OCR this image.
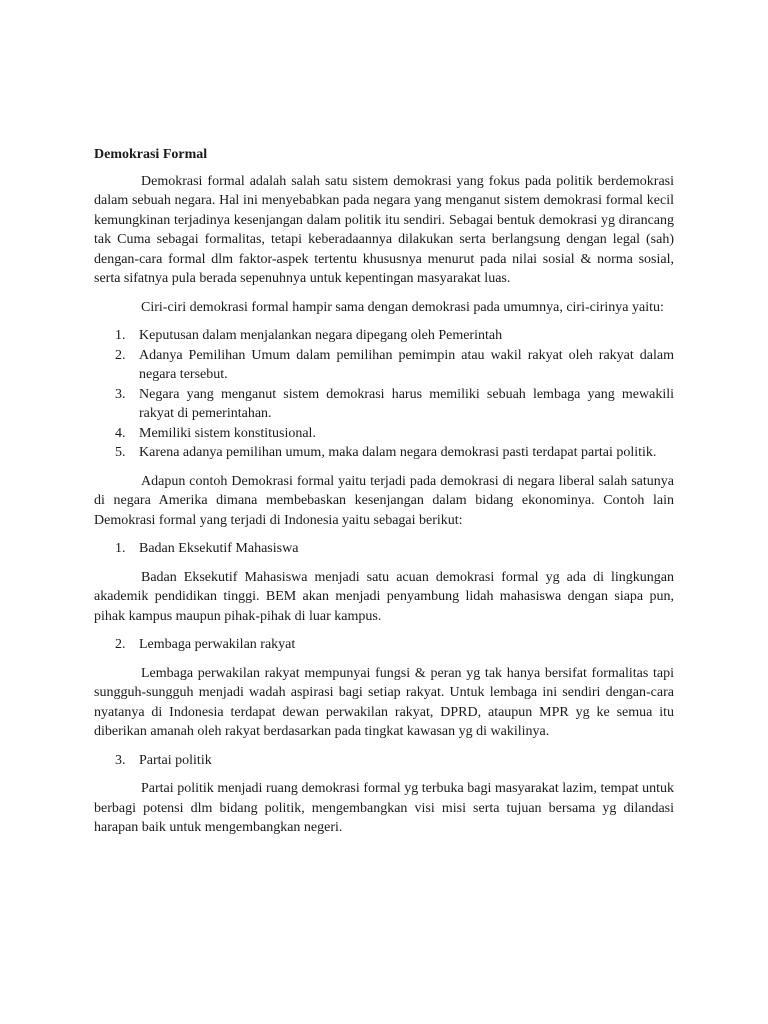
Demokrasi Formal

Demokrasi formal adalah salah satu sistem demokrasi yang fokus pada politik berdemokrasi dalam sebuah negara. Hal ini menyebabkan pada negara yang menganut sistem demokrasi formal kecil kemungkinan terjadinya kesenjangan dalam politik itu sendiri. Sebagai bentuk demokrasi yg dirancang tak Cuma sebagai formalitas, tetapi keberadaannya dilakukan serta berlangsung dengan legal (sah) dengan-cara formal dlm faktor-aspek tertentu khususnya menurut pada nilai sosial & norma sosial, serta sifatnya pula berada sepenuhnya untuk kepentingan masyarakat luas.

Ciri-ciri demokrasi formal hampir sama dengan demokrasi pada umumnya, ciri-cirinya yaitu:

1. Keputusan dalam menjalankan negara dipegang oleh Pemerintah
2. Adanya Pemilihan Umum dalam pemilihan pemimpin atau wakil rakyat oleh rakyat dalam negara tersebut.
3. Negara yang menganut sistem demokrasi harus memiliki sebuah lembaga yang mewakili rakyat di pemerintahan.
4. Memiliki sistem konstitusional.
5. Karena adanya pemilihan umum, maka dalam negara demokrasi pasti terdapat partai politik.

Adapun contoh Demokrasi formal yaitu terjadi pada demokrasi di negara liberal salah satunya di negara Amerika dimana membebaskan kesenjangan dalam bidang ekonominya. Contoh lain Demokrasi formal yang terjadi di Indonesia yaitu sebagai berikut:

1. Badan Eksekutif Mahasiswa

Badan Eksekutif Mahasiswa menjadi satu acuan demokrasi formal yg ada di lingkungan akademik pendidikan tinggi. BEM akan menjadi penyambung lidah mahasiswa dengan siapa pun, pihak kampus maupun pihak-pihak di luar kampus.

2. Lembaga perwakilan rakyat

Lembaga perwakilan rakyat mempunyai fungsi & peran yg tak hanya bersifat formalitas tapi sungguh-sungguh menjadi wadah aspirasi bagi setiap rakyat. Untuk lembaga ini sendiri dengan-cara nyatanya di Indonesia terdapat dewan perwakilan rakyat, DPRD, ataupun MPR yg ke semua itu diberikan amanah oleh rakyat berdasarkan pada tingkat kawasan yg di wakilinya.

3. Partai politik

Partai politik menjadi ruang demokrasi formal yg terbuka bagi masyarakat lazim, tempat untuk berbagi potensi dlm bidang politik, mengembangkan visi misi serta tujuan bersama yg dilandasi harapan baik untuk mengembangkan negeri.
